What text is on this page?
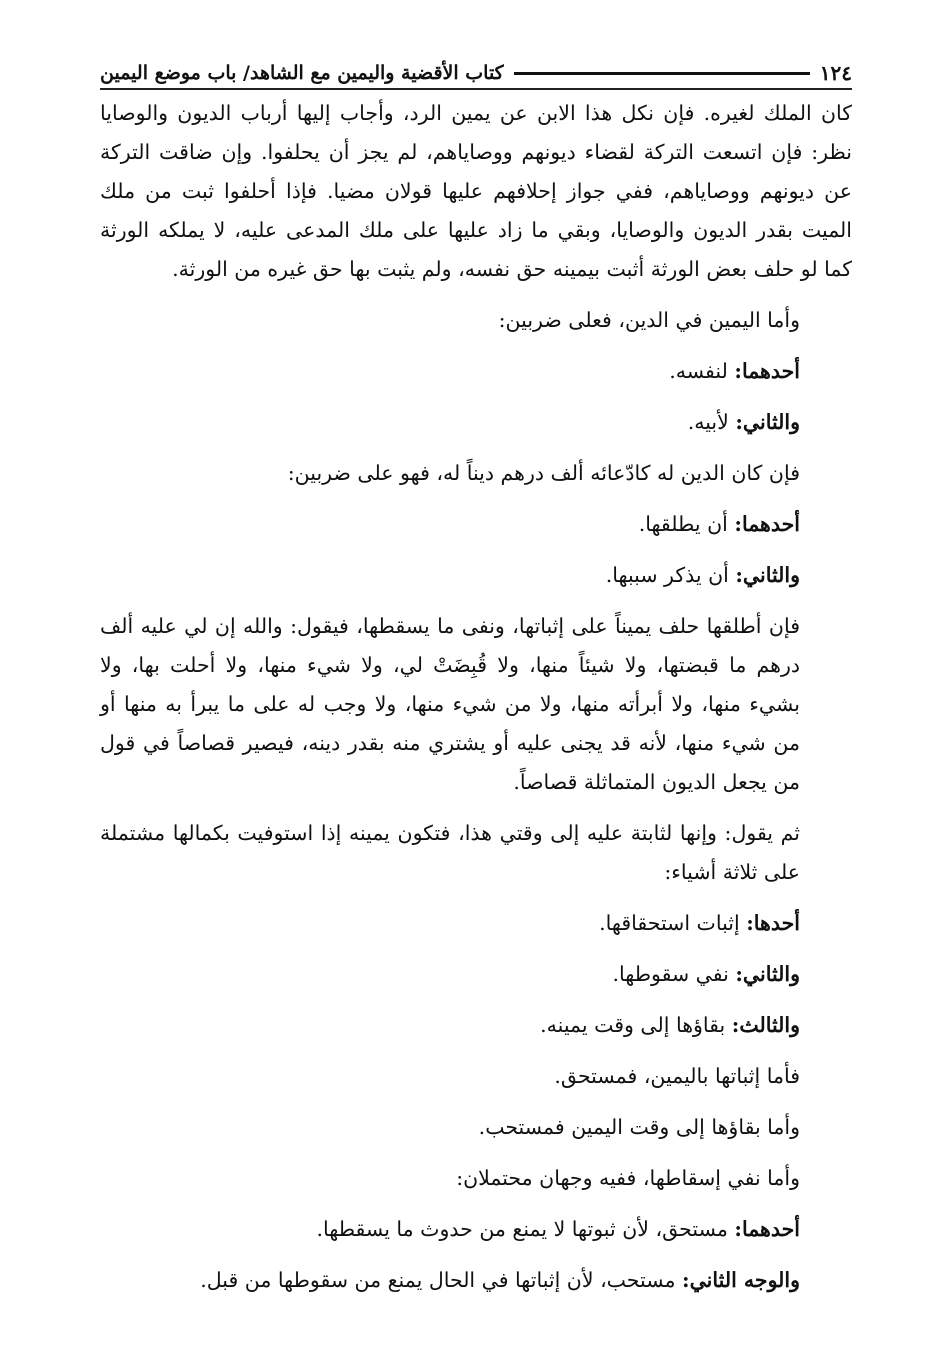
١٢٤
كتاب الأقضية واليمين مع الشاهد/ باب موضع اليمين

كان الملك لغيره. فإن نكل هذا الابن عن يمين الرد، وأجاب إليها أرباب الديون والوصايا نظر: فإن اتسعت التركة لقضاء ديونهم ووصاياهم، لم يجز أن يحلفوا. وإن ضاقت التركة عن ديونهم ووصاياهم، ففي جواز إحلافهم عليها قولان مضيا. فإذا أحلفوا ثبت من ملك الميت بقدر الديون والوصايا، وبقي ما زاد عليها على ملك المدعى عليه، لا يملكه الورثة كما لو حلف بعض الورثة أثبت بيمينه حق نفسه، ولم يثبت بها حق غيره من الورثة.

وأما اليمين في الدين، فعلى ضربين:

أحدهما: لنفسه.

والثاني: لأبيه.

فإن كان الدين له كادّعائه ألف درهم ديناً له، فهو على ضربين:

أحدهما: أن يطلقها.

والثاني: أن يذكر سببها.

فإن أطلقها حلف يميناً على إثباتها، ونفى ما يسقطها، فيقول: والله إن لي عليه ألف درهم ما قبضتها، ولا شيئاً منها، ولا قُبِضَتْ لي، ولا شيء منها، ولا أحلت بها، ولا بشيء منها، ولا أبرأته منها، ولا من شيء منها، ولا وجب له على ما يبرأ به منها أو من شيء منها، لأنه قد يجنى عليه أو يشتري منه بقدر دينه، فيصير قصاصاً في قول من يجعل الديون المتماثلة قصاصاً.

ثم يقول: وإنها لثابتة عليه إلى وقتي هذا، فتكون يمينه إذا استوفيت بكمالها مشتملة على ثلاثة أشياء:

أحدها: إثبات استحقاقها.

والثاني: نفي سقوطها.

والثالث: بقاؤها إلى وقت يمينه.

فأما إثباتها باليمين، فمستحق.

وأما بقاؤها إلى وقت اليمين فمستحب.

وأما نفي إسقاطها، ففيه وجهان محتملان:

أحدهما: مستحق، لأن ثبوتها لا يمنع من حدوث ما يسقطها.

والوجه الثاني: مستحب، لأن إثباتها في الحال يمنع من سقوطها من قبل.
